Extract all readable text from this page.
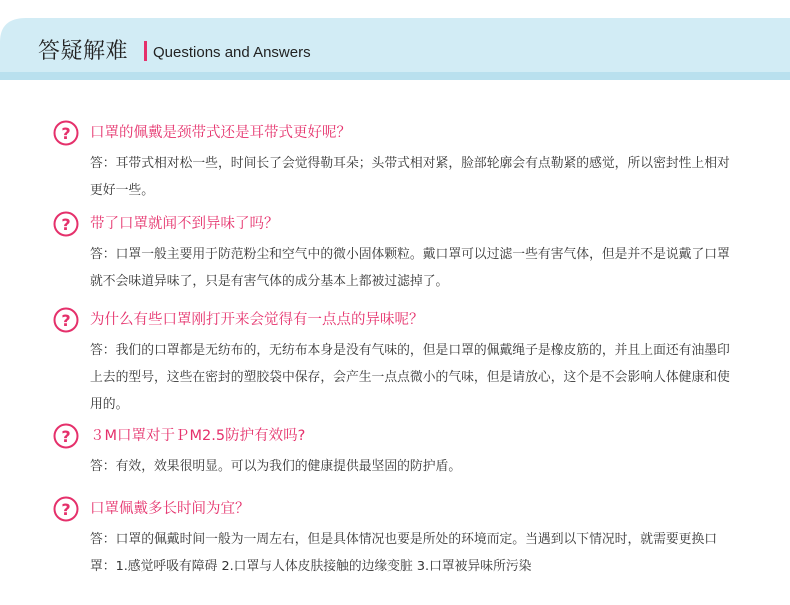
答疑解难 Questions and Answers
? 口罩的佩戴是颈带式还是耳带式更好呢？

答：耳带式相对松一些，时间长了会觉得勒耳朵；头带式相对紧，脸部轮廓会有点勒紧的感觉，所以密封性上相对更好一些。

? 带了口罩就闻不到异味了吗？

答：口罩一般主要用于防范粉尘和空气中的微小固体颗粒。戴口罩可以过滤一些有害气体，但是并不是说戴了口罩就不会味道异味了，只是有害气体的成分基本上都被过滤掉了。

? 为什么有些口罩刚打开来会觉得有一点点的异味呢？

答：我们的口罩都是无纺布的，无纺布本身是没有气味的，但是口罩的佩戴绳子是橡皮筋的，并且上面还有油墨印上去的型号，这些在密封的塑胶袋中保存，会产生一点点微小的气味，但是请放心，这个是不会影响人体健康和使用的。

? ３M口罩对于ＰM2.5防护有效吗?

答：有效，效果很明显。可以为我们的健康提供最坚固的防护盾。

? 口罩佩戴多长时间为宜？

答：口罩的佩戴时间一般为一周左右，但是具体情况也要是所处的环境而定。当遇到以下情况时，就需要更换口罩：1.感觉呼吸有障碍 2.口罩与人体皮肤接触的边缘变脏 3.口罩被异味所污染
